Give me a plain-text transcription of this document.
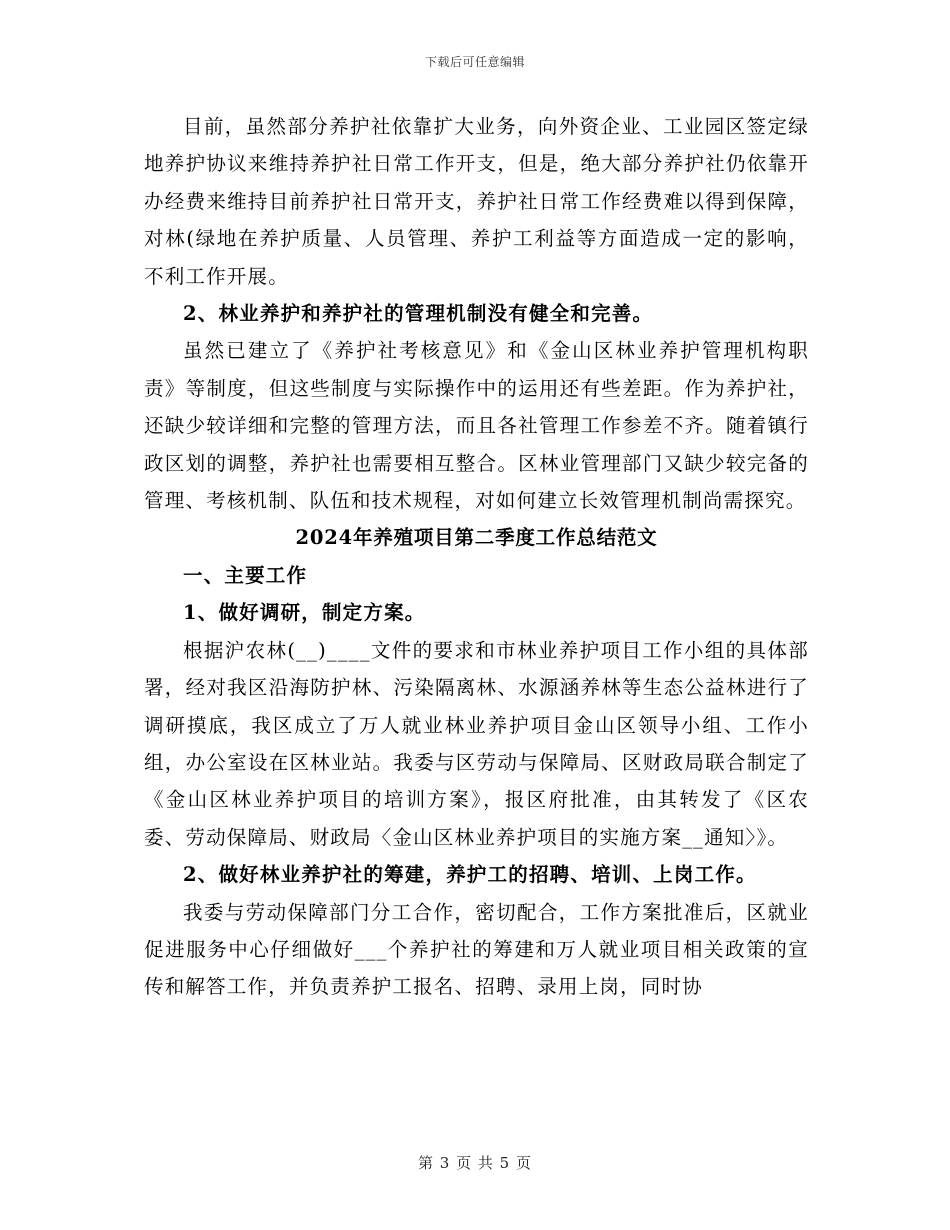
下载后可任意编辑

目前，虽然部分养护社依靠扩大业务，向外资企业、工业园区签定绿地养护协议来维持养护社日常工作开支，但是，绝大部分养护社仍依靠开办经费来维持目前养护社日常开支，养护社日常工作经费难以得到保障，对林(绿地在养护质量、人员管理、养护工利益等方面造成一定的影响，不利工作开展。

2、林业养护和养护社的管理机制没有健全和完善。

虽然已建立了《养护社考核意见》和《金山区林业养护管理机构职责》等制度，但这些制度与实际操作中的运用还有些差距。作为养护社，还缺少较详细和完整的管理方法，而且各社管理工作参差不齐。随着镇行政区划的调整，养护社也需要相互整合。区林业管理部门又缺少较完备的管理、考核机制、队伍和技术规程，对如何建立长效管理机制尚需探究。

2024年养殖项目第二季度工作总结范文

一、主要工作

1、做好调研，制定方案。

根据沪农林(__)____文件的要求和市林业养护项目工作小组的具体部署，经对我区沿海防护林、污染隔离林、水源涵养林等生态公益林进行了调研摸底，我区成立了万人就业林业养护项目金山区领导小组、工作小组，办公室设在区林业站。我委与区劳动与保障局、区财政局联合制定了《金山区林业养护项目的培训方案》，报区府批准，由其转发了《区农委、劳动保障局、财政局〈金山区林业养护项目的实施方案__通知〉》。

2、做好林业养护社的筹建，养护工的招聘、培训、上岗工作。

我委与劳动保障部门分工合作，密切配合，工作方案批准后，区就业促进服务中心仔细做好___个养护社的筹建和万人就业项目相关政策的宣传和解答工作，并负责养护工报名、招聘、录用上岗，同时协

第 3 页 共 5 页
